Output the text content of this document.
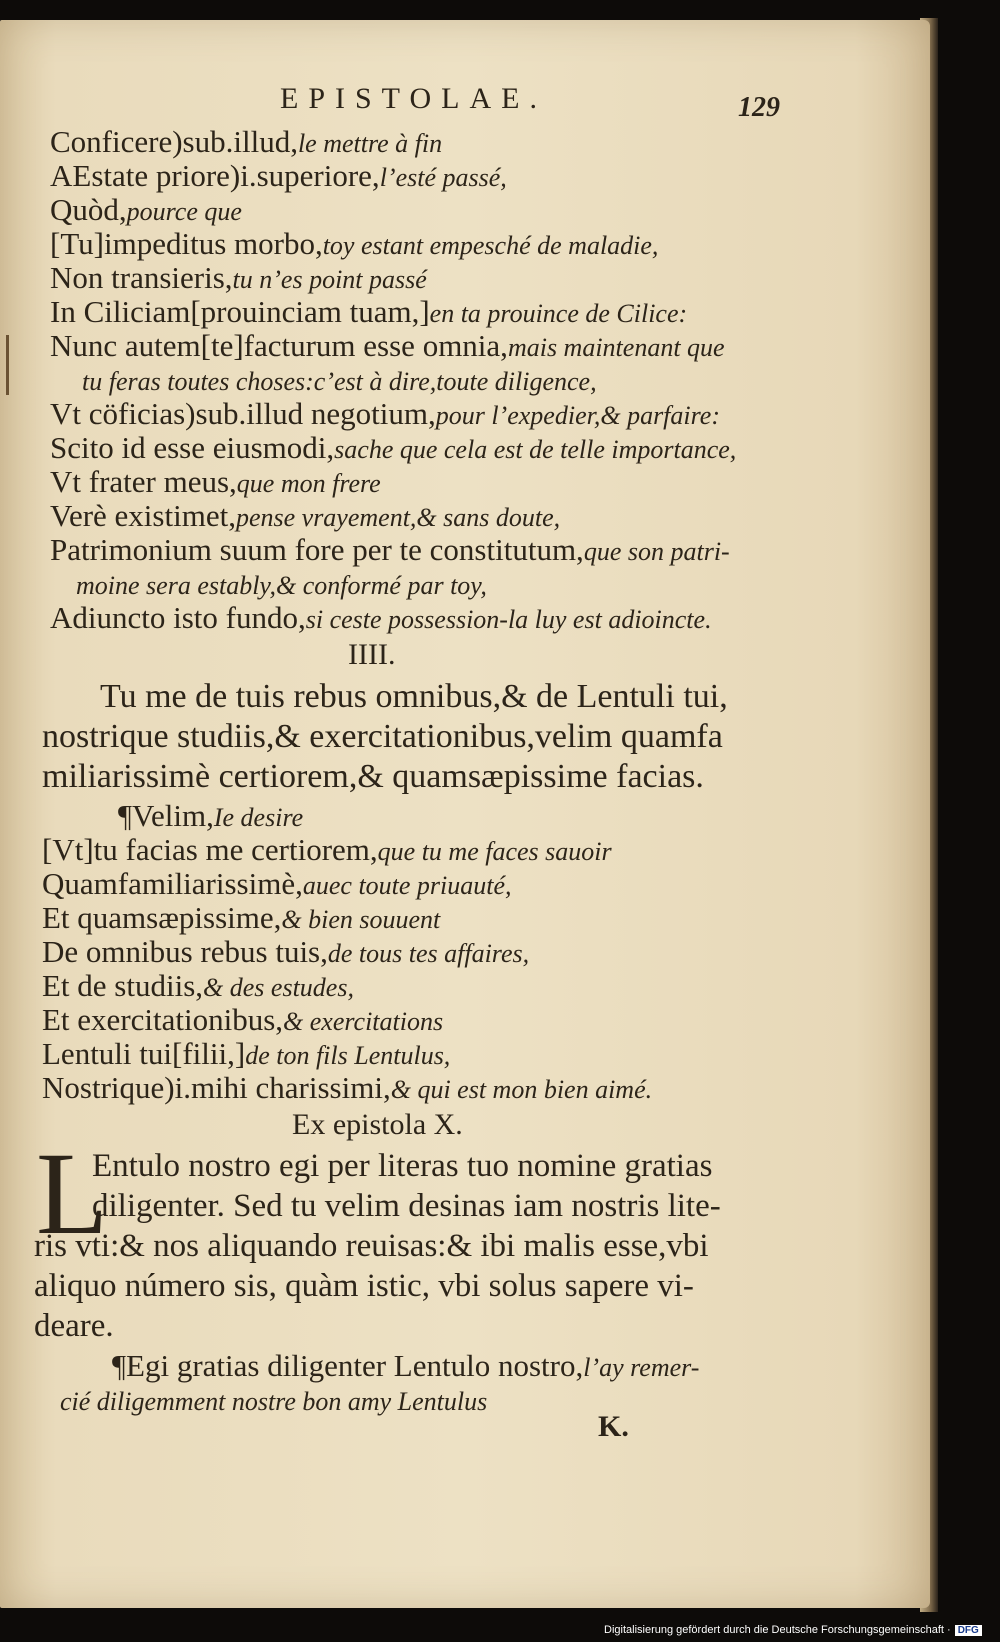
EPISTOLAE.	129
Conficere)sub.illud,le mettre à fin
AEstate priore)i.superiore,l’esté passé,
Quòd,pource que
[Tu]impeditus morbo,toy estant empesché de maladie,
Non transieris,tu n’es point passé
In Ciliciam[prouinciam tuam,]en ta prouince de Cilice:
Nunc autem[te]facturum esse omnia,mais maintenant que
tu feras toutes choses:c’est à dire,toute diligence,
Vt cöficias)sub.illud negotium,pour l’expedier,& parfaire:
Scito id esse eiusmodi,sache que cela est de telle importance,
Vt frater meus,que mon frere
Verè existimet,pense vrayement,& sans doute,
Patrimonium suum fore per te constitutum,que son patri-
moine sera estably,& conformé par toy,
Adiuncto isto fundo,si ceste possession-la luy est adioincte.
IIII.
Tu me de tuis rebus omnibus,& de Lentuli tui,
nostrique studiis,& exercitationibus,velim quamfa
miliarissimè certiorem,& quamsæpissime facias.
¶Velim,Ie desire
[Vt]tu facias me certiorem,que tu me faces sauoir
Quamfamiliarissimè,auec toute priuauté,
Et quamsæpissime,& bien souuent
De omnibus rebus tuis,de tous tes affaires,
Et de studiis,& des estudes,
Et exercitationibus,& exercitations
Lentuli tui[filii,]de ton fils Lentulus,
Nostrique)i.mihi charissimi,& qui est mon bien aimé.
Ex epistola X.
L
Entulo nostro egi per literas tuo nomine gratias
diligenter. Sed tu velim desinas iam nostris lite-
ris vti:& nos aliquando reuisas:& ibi malis esse,vbi
aliquo número sis, quàm istic, vbi solus sapere vi-
deare.
¶Egi gratias diligenter Lentulo nostro,l’ay remer-
cié diligemment nostre bon amy Lentulus
K.
Digitalisierung gefördert durch die Deutsche Forschungsgemeinschaft · DFG
